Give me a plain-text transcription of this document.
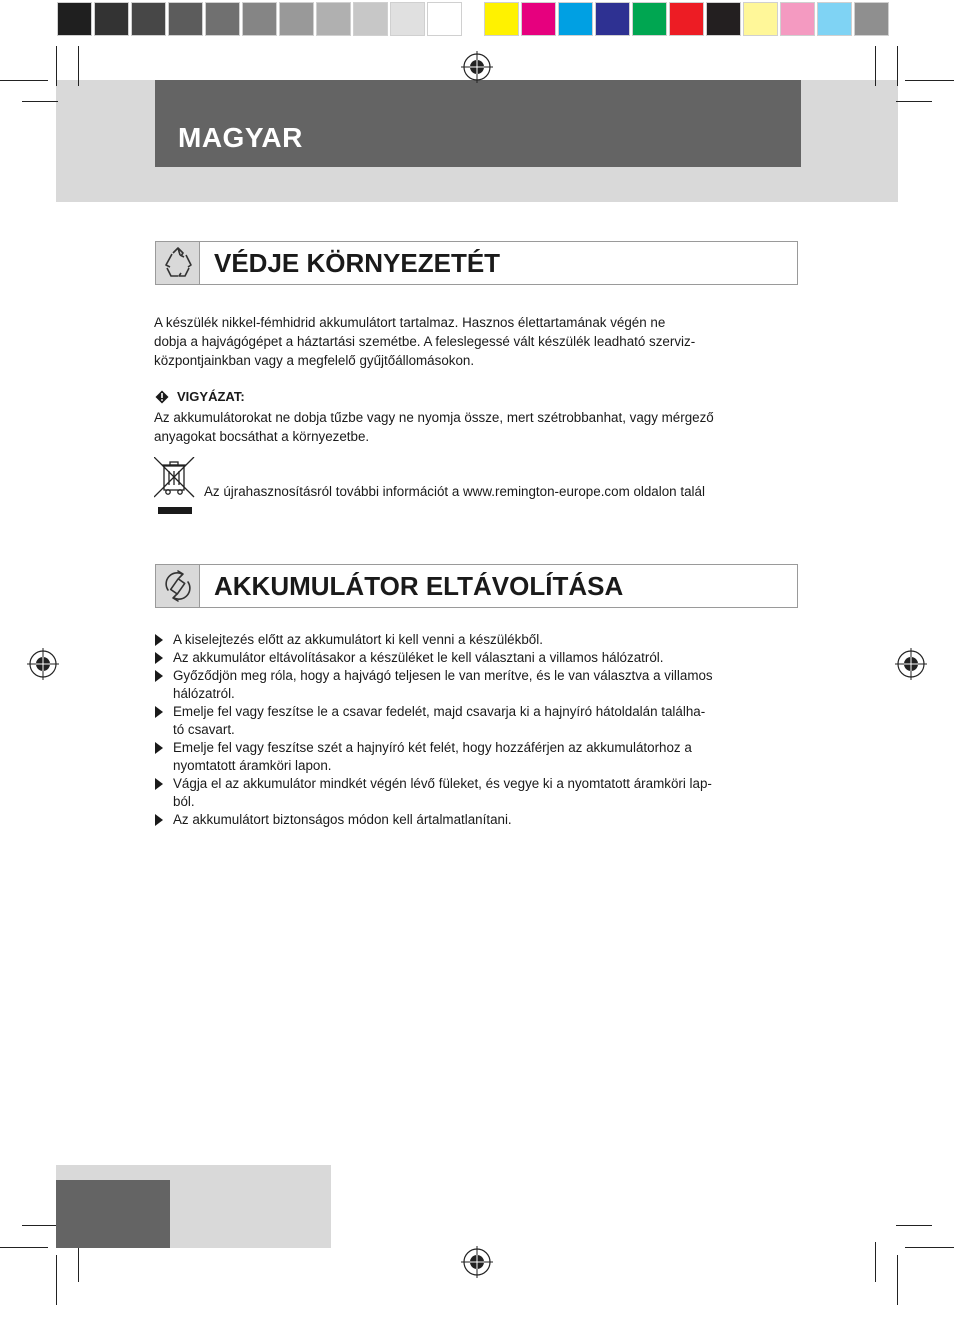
MAGYAR
VÉDJE KÖRNYEZETÉT
A készülék nikkel-fémhidrid akkumulátort tartalmaz. Hasznos élettartamának végén ne
dobja a hajvágógépet a háztartási szemétbe. A feleslegessé vált készülék leadható szerviz-
központjainkban vagy a megfelelő gyűjtőállomásokon.
VIGYÁZAT:
Az akkumulátorokat ne dobja tűzbe vagy ne nyomja össze, mert szétrobbanhat, vagy mérgező
anyagokat bocsáthat a környezetbe.
Az újrahasznosításról további információt a www.remington-europe.com oldalon talál
AKKUMULÁTOR ELTÁVOLÍTÁSA
A kiselejtezés előtt az akkumulátort ki kell venni a készülékből.
Az akkumulátor eltávolításakor a készüléket le kell választani a villamos hálózatról.
Győződjön meg róla, hogy a hajvágó teljesen le van merítve, és le van választva a villamos
hálózatról.
Emelje fel vagy feszítse le a csavar fedelét, majd csavarja ki a hajnyíró hátoldalán találha-
tó csavart.
Emelje fel vagy feszítse szét a hajnyíró két felét, hogy hozzáférjen az akkumulátorhoz a
nyomtatott áramköri lapon.
Vágja el az akkumulátor mindkét végén lévő füleket, és vegye ki a nyomtatott áramköri lap-
ból.
Az akkumulátort biztonságos módon kell ártalmatlanítani.
